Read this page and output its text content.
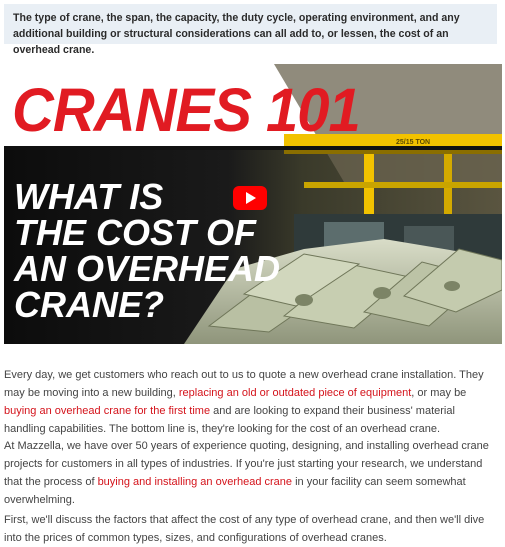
The type of crane, the span, the capacity, the duty cycle, operating environment, and any additional building or structural considerations can all add to, or lessen, the cost of an overhead crane.
CRANES 101	25/15 TON
WHAT IS
THE COST OF
AN OVERHEAD
CRANE?

Every day, we get customers who reach out to us to quote a new overhead crane installation. They may be moving into a new building, replacing an old or outdated piece of equipment, or may be buying an overhead crane for the first time and are looking to expand their business' material handling capabilities. The bottom line is, they're looking for the cost of an overhead crane.

At Mazzella, we have over 50 years of experience quoting, designing, and installing overhead crane projects for customers in all types of industries. If you're just starting your research, we understand that the process of buying and installing an overhead crane in your facility can seem somewhat overwhelming.

First, we'll discuss the factors that affect the cost of any type of overhead crane, and then we'll dive into the prices of common types, sizes, and configurations of overhead cranes.
